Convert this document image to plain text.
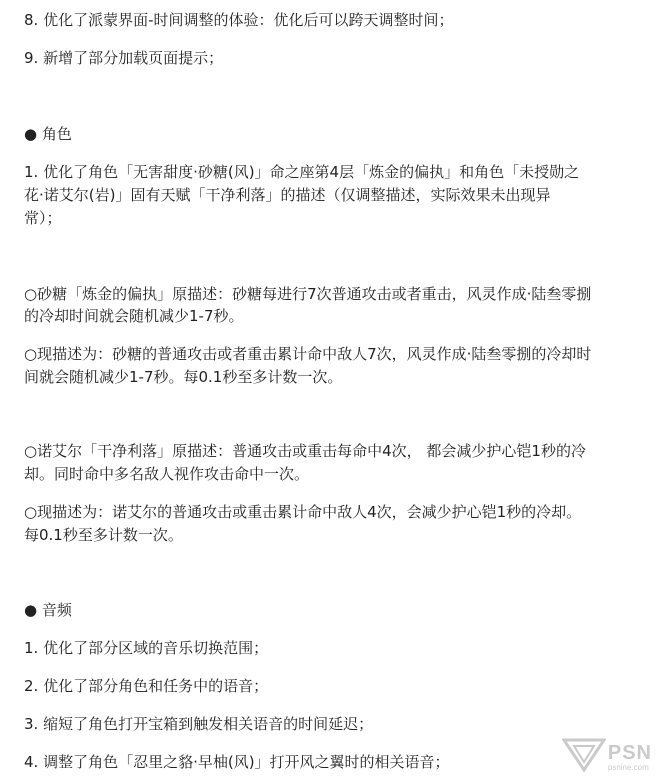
8. 优化了派蒙界面-时间调整的体验：优化后可以跨天调整时间；
9. 新增了部分加载页面提示；
● 角色
1. 优化了角色「无害甜度·砂糖(风)」命之座第4层「炼金的偏执」和角色「未授勋之
花·诺艾尔(岩)」固有天赋「干净利落」的描述（仅调整描述，实际效果未出现异
常）；
○砂糖「炼金的偏执」原描述：砂糖每进行7次普通攻击或者重击，风灵作成·陆叁零捌
的冷却时间就会随机减少1-7秒。
○现描述为：砂糖的普通攻击或者重击累计命中敌人7次，风灵作成·陆叁零捌的冷却时
间就会随机减少1-7秒。每0.1秒至多计数一次。
○诺艾尔「干净利落」原描述：普通攻击或重击每命中4次， 都会减少护心铠1秒的冷
却。同时命中多名敌人视作攻击命中一次。
○现描述为：诺艾尔的普通攻击或重击累计命中敌人4次，会减少护心铠1秒的冷却。
每0.1秒至多计数一次。
● 音频
1. 优化了部分区域的音乐切换范围；
2. 优化了部分角色和任务中的语音；
3. 缩短了角色打开宝箱到触发相关语音的时间延迟；
4. 调整了角色「忍里之貉·早柚(风)」打开风之翼时的相关语音；	PSN
psnine.com
